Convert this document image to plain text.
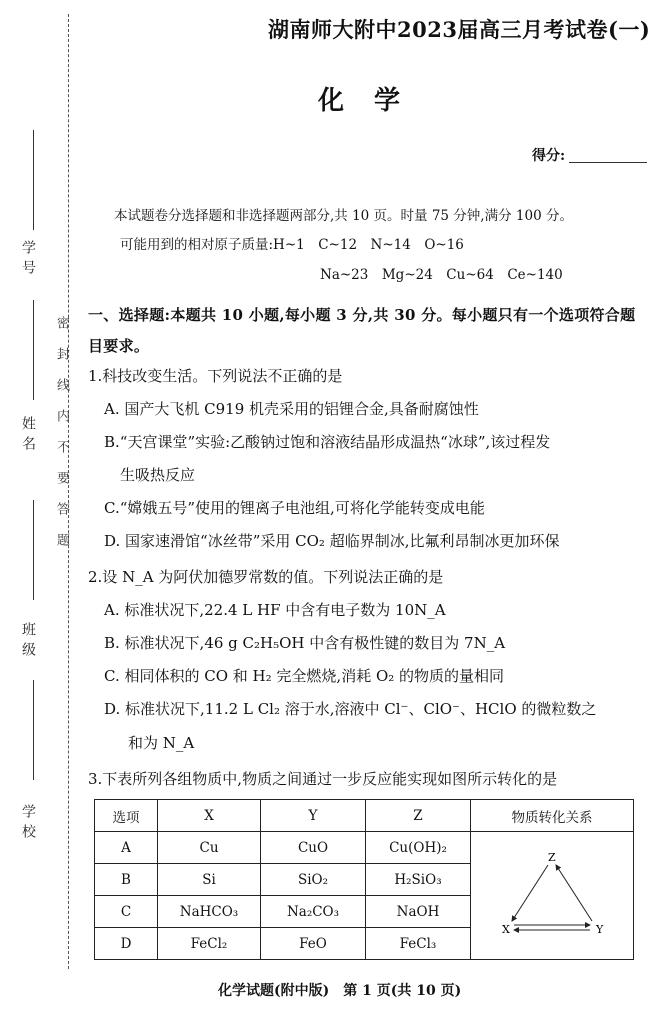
学号
姓名
班级
学校
密封线内不要答题
湖南师大附中2023届高三月考试卷(一)
化学
得分:
本试题卷分选择题和非选择题两部分,共 10 页。时量 75 分钟,满分 100 分。
可能用到的相对原子质量:H~1　C~12　N~14　O~16
Na~23　Mg~24　Cu~64　Ce~140
一、选择题:本题共 10 小题,每小题 3 分,共 30 分。每小题只有一个选项符合题目要求。
1.科技改变生活。下列说法不正确的是
A. 国产大飞机 C919 机壳采用的铝锂合金,具备耐腐蚀性
B.“天宫课堂”实验:乙酸钠过饱和溶液结晶形成温热“冰球”,该过程发
生吸热反应
C.“嫦娥五号”使用的锂离子电池组,可将化学能转变成电能
D. 国家速滑馆“冰丝带”采用 CO₂ 超临界制冰,比氟利昂制冰更加环保
2.设 N_A 为阿伏加德罗常数的值。下列说法正确的是
A. 标准状况下,22.4 L HF 中含有电子数为 10N_A
B. 标准状况下,46 g C₂H₅OH 中含有极性键的数目为 7N_A
C. 相同体积的 CO 和 H₂ 完全燃烧,消耗 O₂ 的物质的量相同
D. 标准状况下,11.2 L Cl₂ 溶于水,溶液中 Cl⁻、ClO⁻、HClO 的微粒数之
和为 N_A
3.下表所列各组物质中,物质之间通过一步反应能实现如图所示转化的是
选项	X	Y	Z	物质转化关系
A	Cu	CuO	Cu(OH)₂	Z
X Y

B	Si	SiO₂	H₂SiO₃	
C	NaHCO₃	Na₂CO₃	NaOH	
D	FeCl₂	FeO	FeCl₃	
化学试题(附中版)　第 1 页(共 10 页)
